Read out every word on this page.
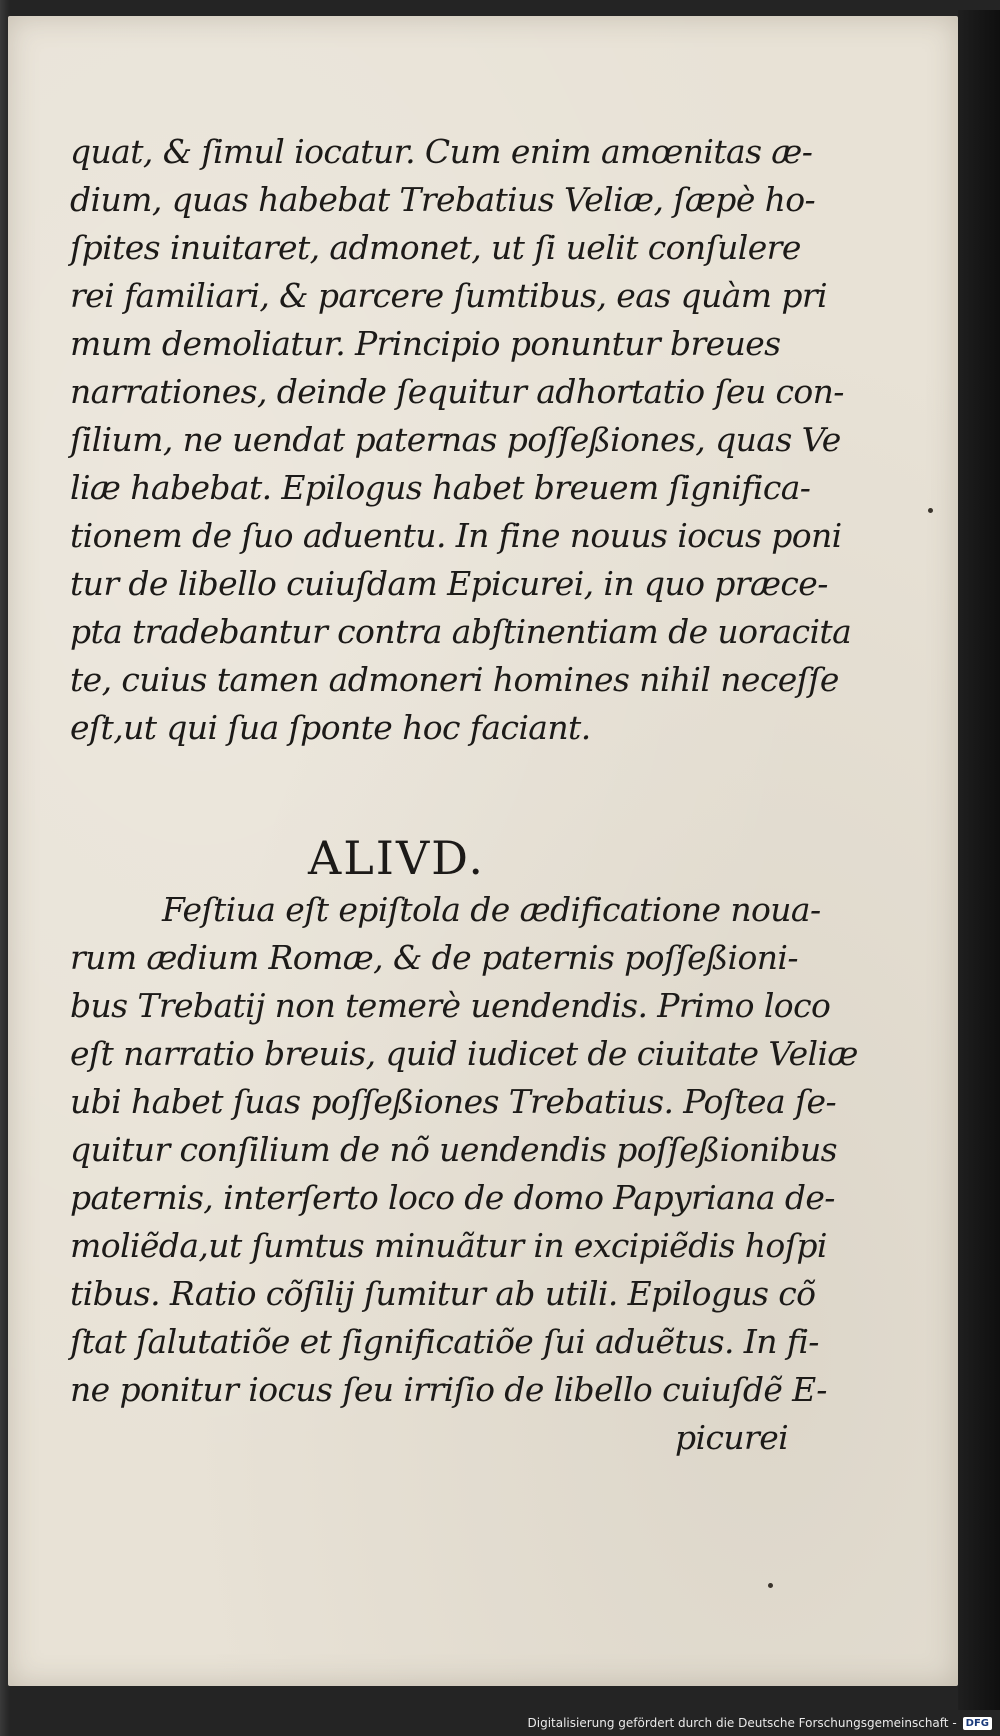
quat, & ſimul iocatur. Cum enim amœnitas æ-
dium, quas habebat Trebatius Veliæ, ſæpè ho-
ſpites inuitaret, admonet, ut ſi uelit conſulere
rei familiari, & parcere ſumtibus, eas quàm pri
mum demoliatur. Principio ponuntur breues
narrationes, deinde ſequitur adhortatio ſeu con-
ſilium, ne uendat paternas poſſeßiones, quas Ve
liæ habebat. Epilogus habet breuem ſignifica-
tionem de ſuo aduentu. In fine nouus iocus poni
tur de libello cuiuſdam Epicurei, in quo præce-
pta tradebantur contra abſtinentiam de uoracita
te, cuius tamen admoneri homines nihil neceſſe
eſt,ut qui ſua ſponte hoc faciant.
ALIVD.
Feſtiua eſt epiſtola de ædificatione noua-
rum ædium Romæ, & de paternis poſſeßioni-
bus Trebatij non temerè uendendis. Primo loco
eſt narratio breuis, quid iudicet de ciuitate Veliæ
ubi habet ſuas poſſeßiones Trebatius. Poſtea ſe-
quitur conſilium de nõ uendendis poſſeßionibus
paternis, interſerto loco de domo Papyriana de-
moliẽda,ut ſumtus minuãtur in excipiẽdis hoſpi
tibus. Ratio cõſilij ſumitur ab utili. Epilogus cõ
ſtat ſalutatiõe et ſignificatiõe ſui aduẽtus. In fi-
ne ponitur iocus ſeu irriſio de libello cuiuſdẽ E-
picurei
Digitalisierung gefördert durch die Deutsche Forschungsgemeinschaft - DFG
